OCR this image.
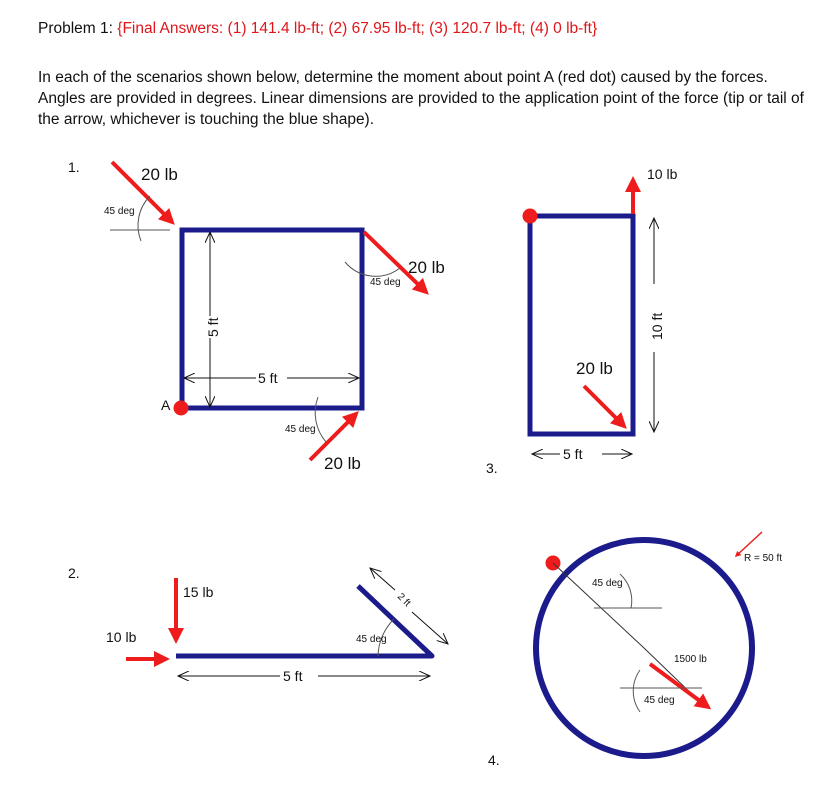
Problem 1: {Final Answers: (1) 141.4 lb-ft; (2) 67.95 lb-ft; (3) 120.7 lb-ft; (4) 0 lb-ft}
In each of the scenarios shown below, determine the moment about point A (red dot) caused by the forces. Angles are provided in degrees. Linear dimensions are provided to the application point of the force (tip or tail of the arrow, whichever is touching the blue shape).
1.	20 lb
45 deg
20 lb
45 deg
20 lb
45 deg
5 ft
5 ft
A
2.
10 lb
15 lb
5 ft
2 ft
45 deg
3.
10 lb
20 lb
10 ft
5 ft
4.
R = 50 ft
45 deg
1500 lb
45 deg
